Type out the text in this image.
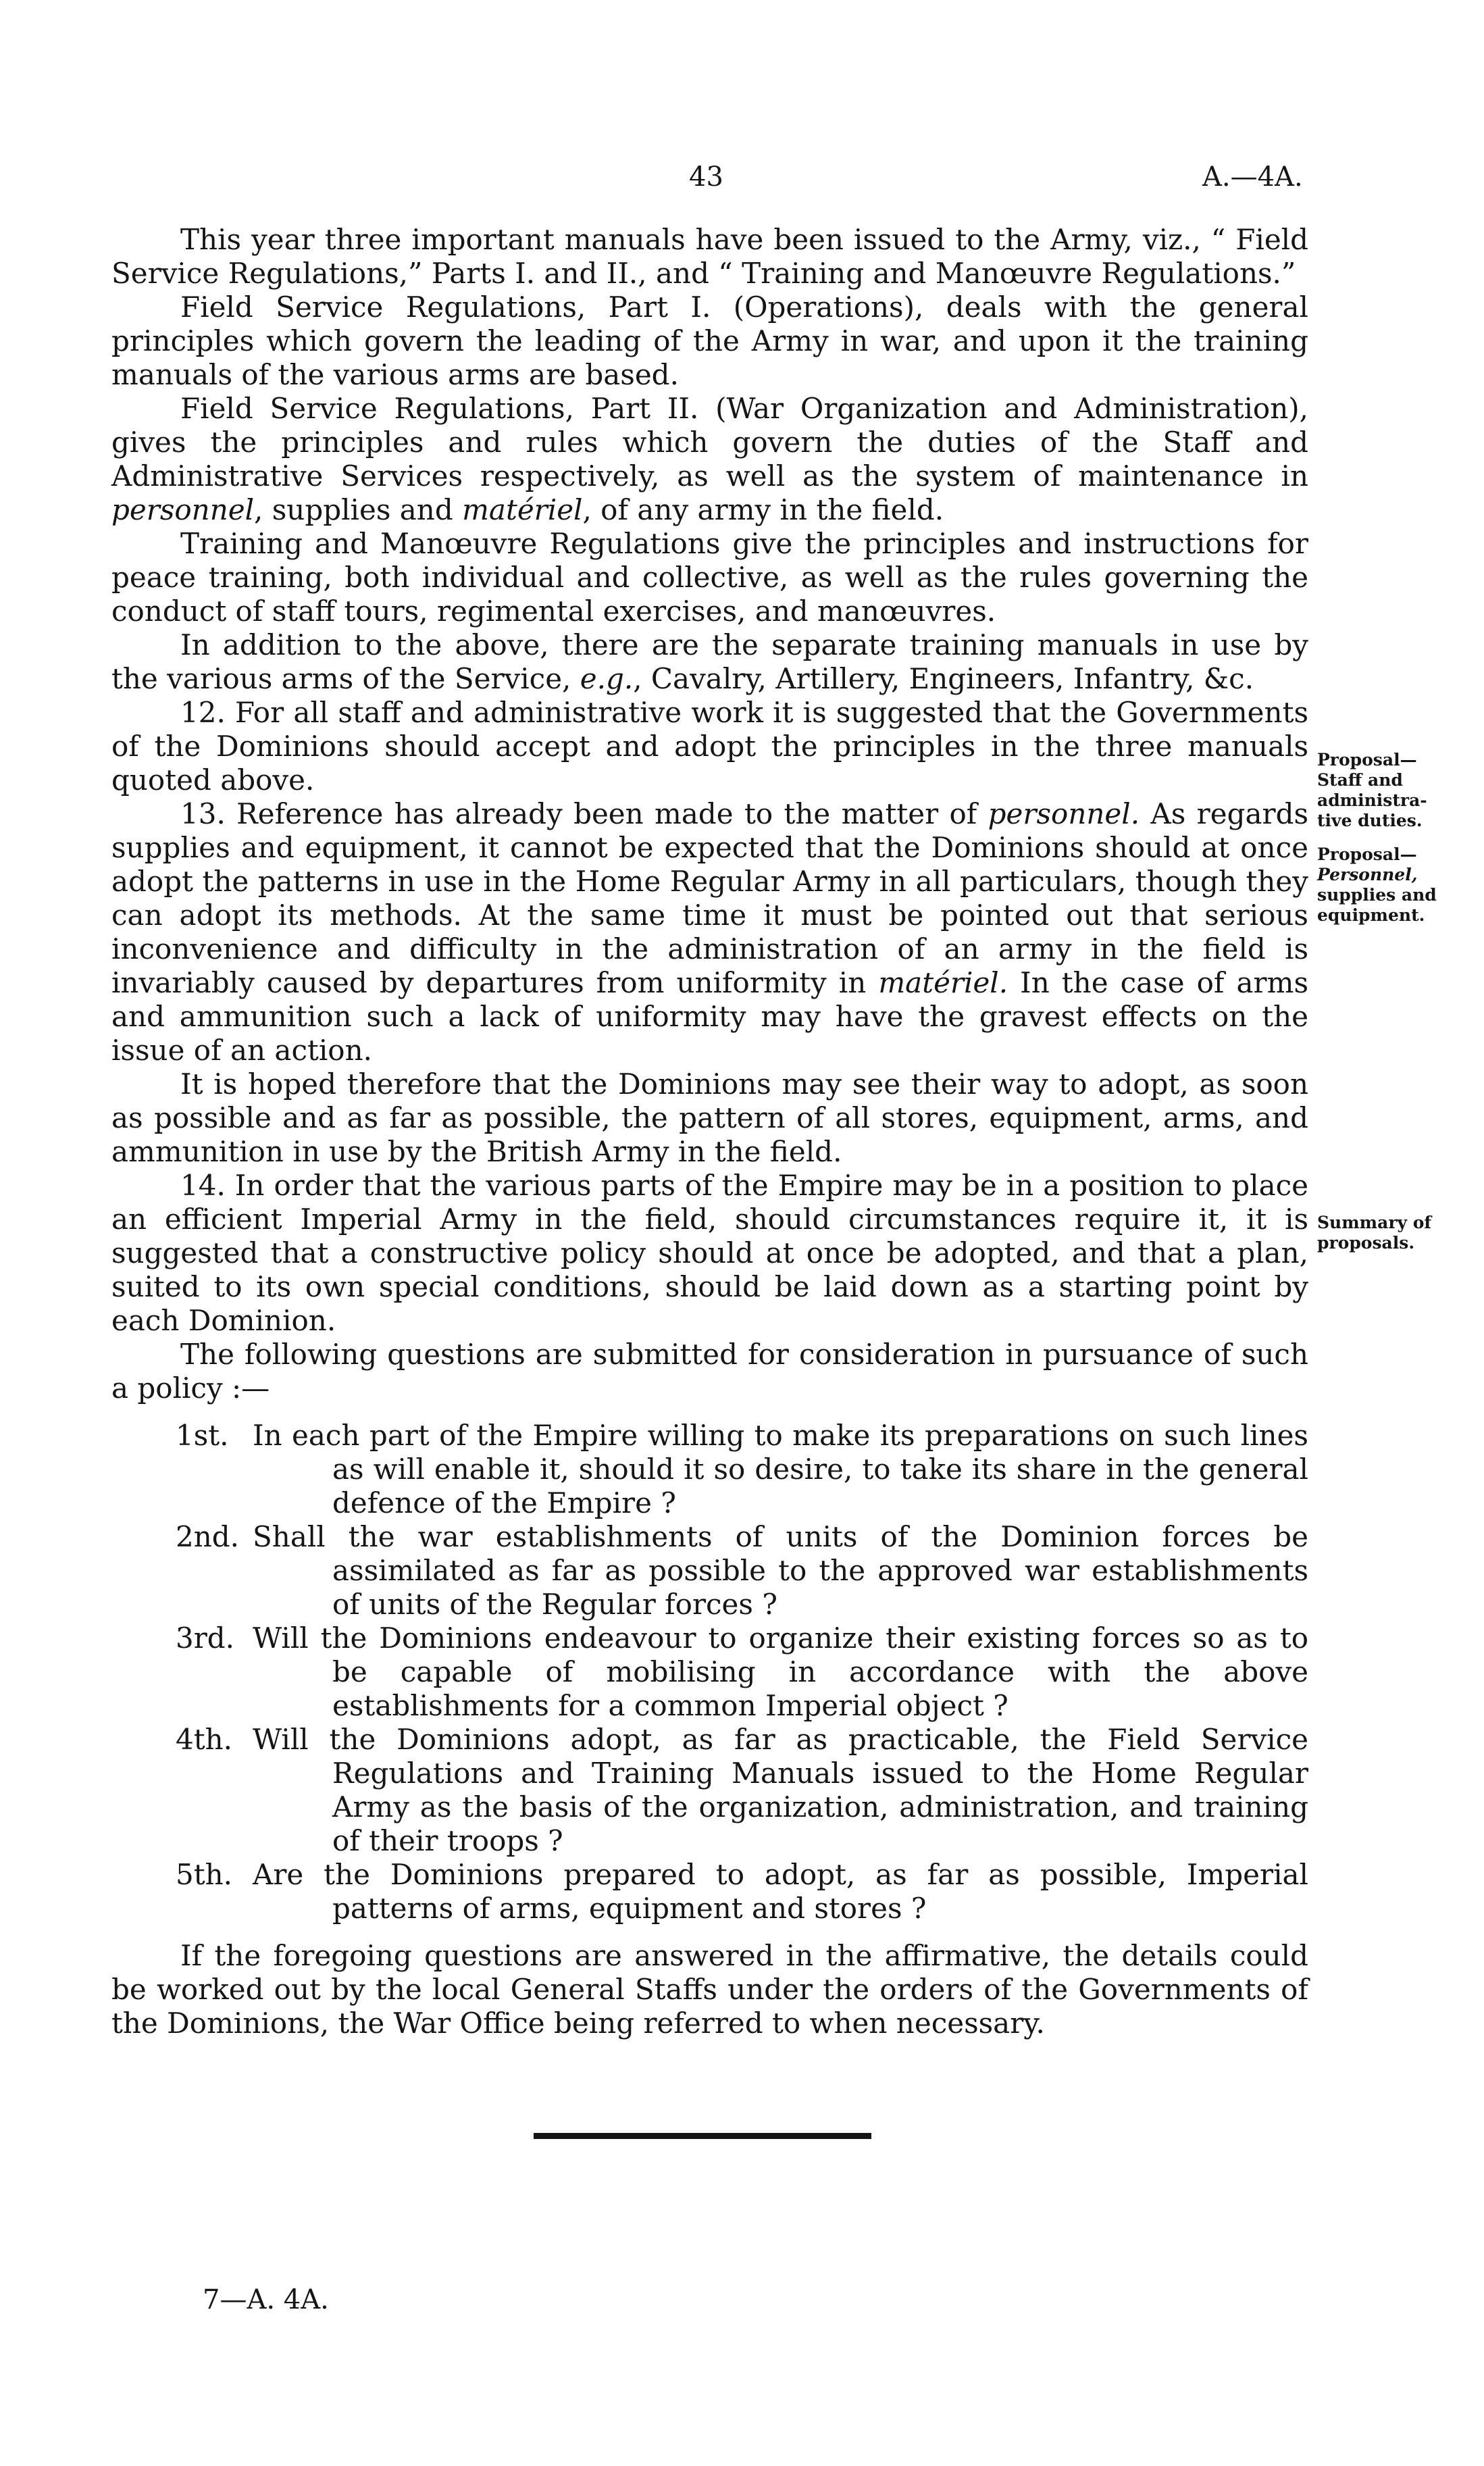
43	A.—4A.

This year three important manuals have been issued to the Army, viz., “ Field Service Regulations,” Parts I. and II., and “ Training and Manœuvre Regulations.”

Field Service Regulations, Part I. (Operations), deals with the general principles which govern the leading of the Army in war, and upon it the training manuals of the various arms are based.

Field Service Regulations, Part II. (War Organization and Administration), gives the principles and rules which govern the duties of the Staff and Administrative Services respectively, as well as the system of maintenance in personnel, supplies and matériel, of any army in the field.

Training and Manœuvre Regulations give the principles and instructions for peace training, both individual and collective, as well as the rules governing the conduct of staff tours, regimental exercises, and manœuvres.

In addition to the above, there are the separate training manuals in use by the various arms of the Service, e.g., Cavalry, Artillery, Engineers, Infantry, &c.

12. For all staff and administrative work it is suggested that the Governments of the Dominions should accept and adopt the principles in the three manuals quoted above.

13. Reference has already been made to the matter of personnel. As regards supplies and equipment, it cannot be expected that the Dominions should at once adopt the patterns in use in the Home Regular Army in all particulars, though they can adopt its methods. At the same time it must be pointed out that serious inconvenience and difficulty in the administration of an army in the field is invariably caused by departures from uniformity in matériel. In the case of arms and ammunition such a lack of uniformity may have the gravest effects on the issue of an action.

It is hoped therefore that the Dominions may see their way to adopt, as soon as possible and as far as possible, the pattern of all stores, equipment, arms, and ammunition in use by the British Army in the field.

14. In order that the various parts of the Empire may be in a position to place an efficient Imperial Army in the field, should circumstances require it, it is suggested that a constructive policy should at once be adopted, and that a plan, suited to its own special conditions, should be laid down as a starting point by each Dominion.

The following questions are submitted for consideration in pursuance of such a policy :—

1st. In each part of the Empire willing to make its preparations on such lines as will enable it, should it so desire, to take its share in the general defence of the Empire ?
2nd. Shall the war establishments of units of the Dominion forces be assimilated as far as possible to the approved war establishments of units of the Regular forces ?
3rd. Will the Dominions endeavour to organize their existing forces so as to be capable of mobilising in accordance with the above establishments for a common Imperial object ?
4th. Will the Dominions adopt, as far as practicable, the Field Service Regulations and Training Manuals issued to the Home Regular Army as the basis of the organization, administration, and training of their troops ?
5th. Are the Dominions prepared to adopt, as far as possible, Imperial patterns of arms, equipment and stores ?

If the foregoing questions are answered in the affirmative, the details could be worked out by the local General Staffs under the orders of the Governments of the Dominions, the War Office being referred to when necessary.

Proposal—
Staff and
administra-
tive duties.
Proposal—
Personnel,
supplies and
equipment.
Summary of
proposals.
7—A. 4A.
